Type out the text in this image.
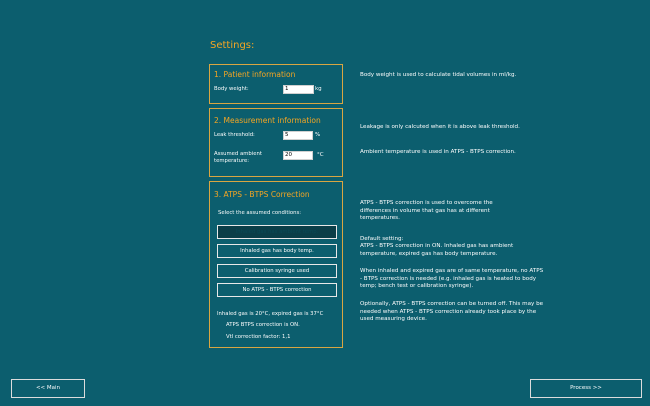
Settings:
1. Patient information
Body weight:	1	kg
2. Measurement information
Leak threshold:	5	%
Assumed ambient
temperature:
20	°C
3. ATPS - BTPS Correction
Select the assumed conditions:
Inhaled gas has ambient temp.
Inhaled gas has body temp.
Calibration syringe used
No ATPS - BTPS correction
Inhaled gas is 20°C, expired gas is 37°C
ATPS BTPS correction is ON.
Vtl correction factor: 1,1
Body weight is used to calculate tidal volumes in ml/kg.
Leakage is only calcuted when it is above leak threshold.
Ambient temperature is used in ATPS - BTPS correction.
ATPS - BTPS correction is used to overcome the differences in volume that gas has at different temperatures.
Default setting:
ATPS - BTPS correction in ON. Inhaled gas has ambient temperature, expired gas has body temperature.
When inhaled and expired gas are of same temperature, no ATPS - BTPS correction is needed (e.g. inhaled gas is heated to body temp; bench test or calibration syringe).
Optionally, ATPS - BTPS correction can be turned off. This may be needed when ATPS - BTPS correction already took place by the used measuring device.
<< Main	Process >>
